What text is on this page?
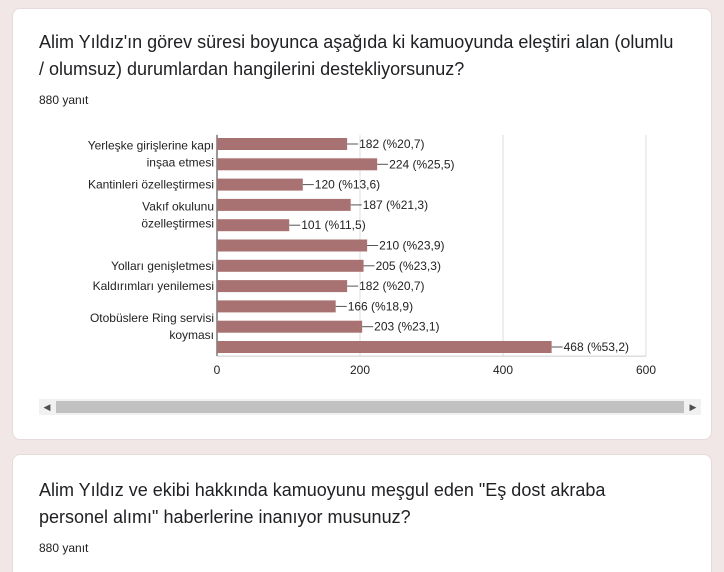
Alim Yıldız'ın görev süresi boyunca aşağıda ki kamuoyunda eleştiri alan (olumlu / olumsuz) durumlardan hangilerini destekliyorsunuz?
880 yanıt
0	200	400	600
182 (%20,7)
224 (%25,5)
120 (%13,6)
187 (%21,3)
101 (%11,5)
210 (%23,9)
205 (%23,3)
182 (%20,7)
166 (%18,9)
203 (%23,1)
468 (%53,2)
Yerleşke girişlerine kapı
inşaa etmesi
Kantinleri özelleştirmesi
Vakıf okulunu
özelleştirmesi
Yolları genişletmesi
Kaldırımları yenilemesi
Otobüslere Ring servisi
koyması
◀	▶
Alim Yıldız ve ekibi hakkında kamuoyunu meşgul eden "Eş dost akraba personel alımı" haberlerine inanıyor musunuz?
880 yanıt
